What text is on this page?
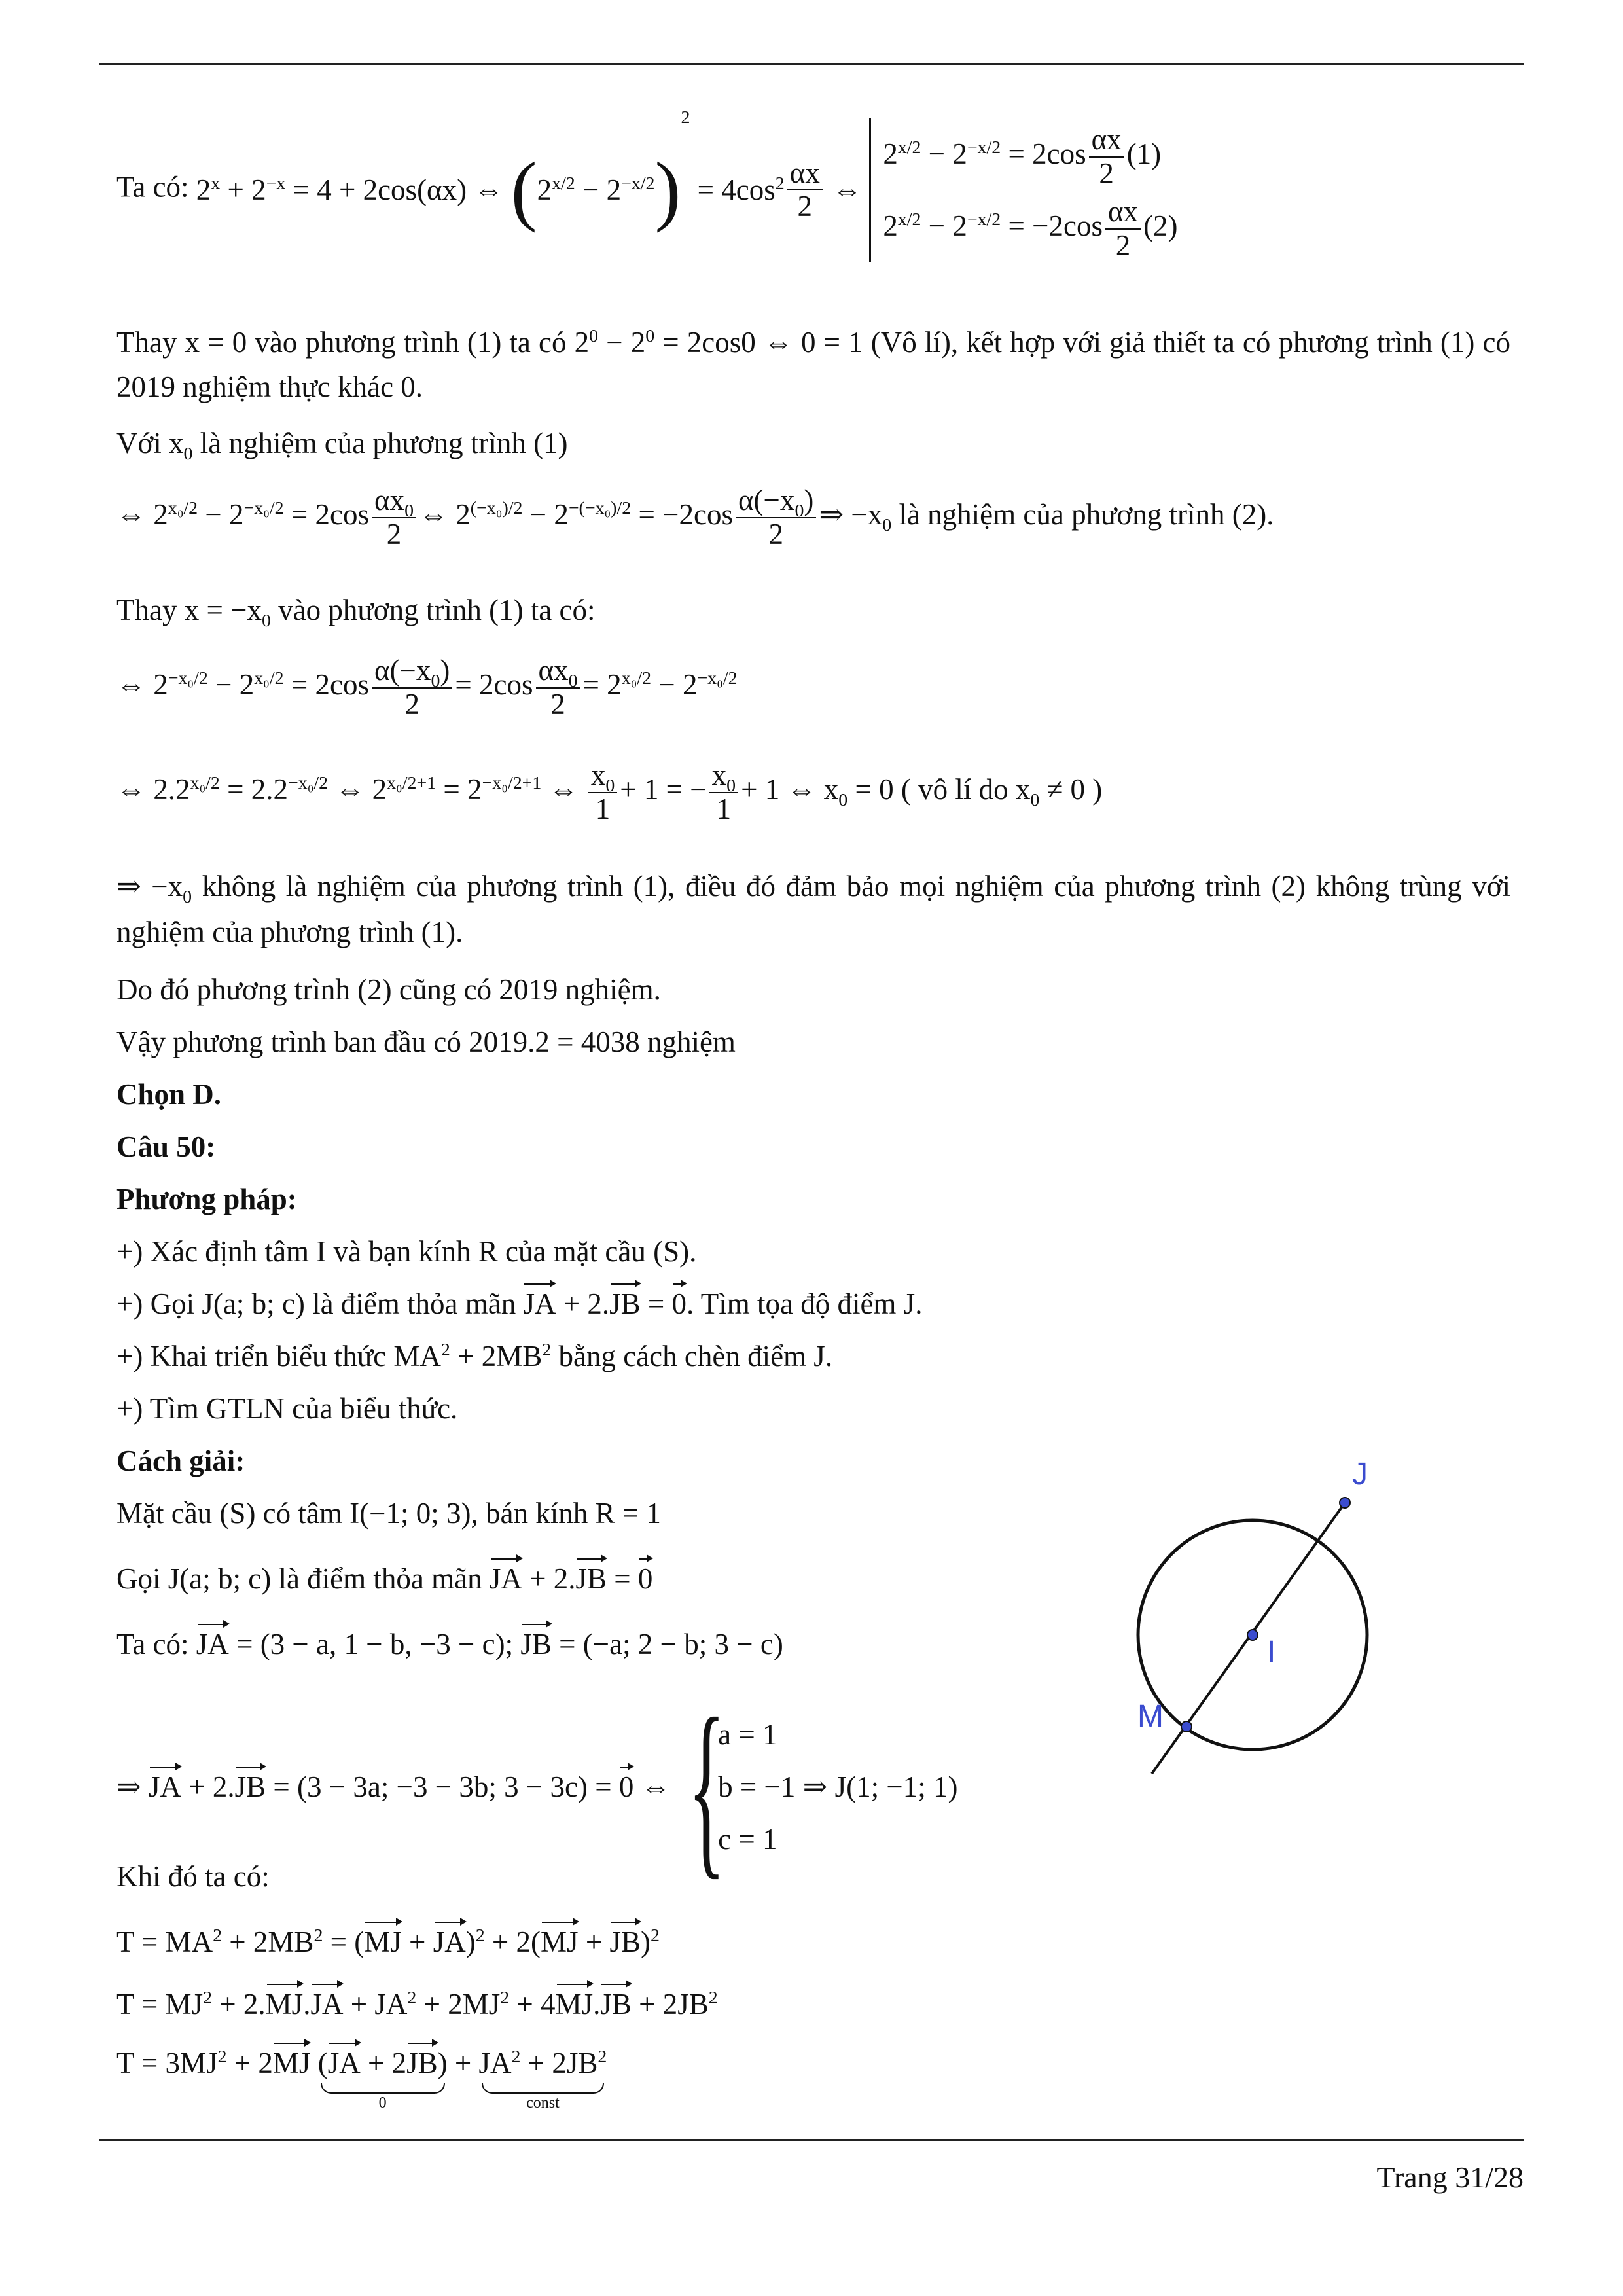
Ta có: $2^x + 2^{-x} = 4 + 2\cos(\alpha x)$ ⇔ $(2^{x/2} - 2^{-x/2})^2 = 4\cos^2 \frac{\alpha x}{2}$ ⇔
$2^{x/2} - 2^{-x/2} = 2\cos \frac{\alpha x}{2} (1)$
$2^{x/2} - 2^{-x/2} = -2\cos \frac{\alpha x}{2} (2)$
Thay x = 0 vào phương trình (1) ta có $2^0 - 2^0 = 2\cos 0$ ⇔ 0 = 1 (Vô lí), kết hợp với giả thiết ta có phương trình (1) có 2019 nghiệm thực khác 0.
Với $x_0$ là nghiệm của phương trình (1)
⇔ $2^{x_0/2} - 2^{-x_0/2} = 2\cos \frac{\alpha x_0}{2}$ ⇔ $2^{(-x_0)/2} - 2^{-(-x_0)/2} = -2\cos \frac{\alpha(-x_0)}{2}$ ⇒ $-x_0$ là nghiệm của phương trình (2).
Thay $x = -x_0$ vào phương trình (1) ta có:
⇔ $2^{-x_0/2} - 2^{x_0/2} = 2\cos \frac{\alpha(-x_0)}{2} = 2\cos \frac{\alpha x_0}{2} = 2^{x_0/2} - 2^{-x_0/2}$
⇔ $2.2^{x_0/2} = 2.2^{-x_0/2}$ ⇔ $2^{x_0/2+1} = 2^{-x_0/2+1}$ ⇔ $\frac{x_0}{1} + 1$ = − $\frac{x_0}{1} + 1$ ⇔ $x_0 = 0$ ( vô lí do $x_0 \ne 0$ )
⇒ $-x_0$ không là nghiệm của phương trình (1), điều đó đảm bảo mọi nghiệm của phương trình (2) không trùng với nghiệm của phương trình (1).
Do đó phương trình (2) cũng có 2019 nghiệm.
Vậy phương trình ban đầu có 2019.2 = 4038 nghiệm
Chọn D.
Câu 50:
Phương pháp:
+) Xác định tâm I và bạn kính R của mặt cầu (S).
+) Gọi J(a; b; c) là điểm thỏa mãn JA + 2.JB = 0. Tìm tọa độ điểm J.
+) Khai triển biểu thức $MA^2 + 2MB^2$ bằng cách chèn điểm J.
+) Tìm GTLN của biểu thức.
Cách giải:
Mặt cầu (S) có tâm I(−1; 0; 3), bán kính R = 1
Gọi J(a; b; c) là điểm thỏa mãn JA + 2.JB = 0
Ta có: JA = (3 − a, 1 − b, −3 − c); JB = (−a; 2 − b; 3 − c)
⇒ JA + 2.JB = (3 − 3a; −3 − 3b; 3 − 3c) = 0 ⇔ {
a = 1
b = −1 ⇒ J(1; −1; 1)
c = 1
Khi đó ta có:
$T = MA^2 + 2MB^2 = (MJ + JA)^2 + 2(MJ + JB)^2$
$T = MJ^2 + 2.MJ.JA + JA^2 + 2MJ^2 + 4MJ.JB + 2JB^2$
$T = 3MJ^2 + 2MJ$ (JA + 2JB)
0
+ $JA^2 + 2JB^2$
const
J
I
M
Trang 31/28
